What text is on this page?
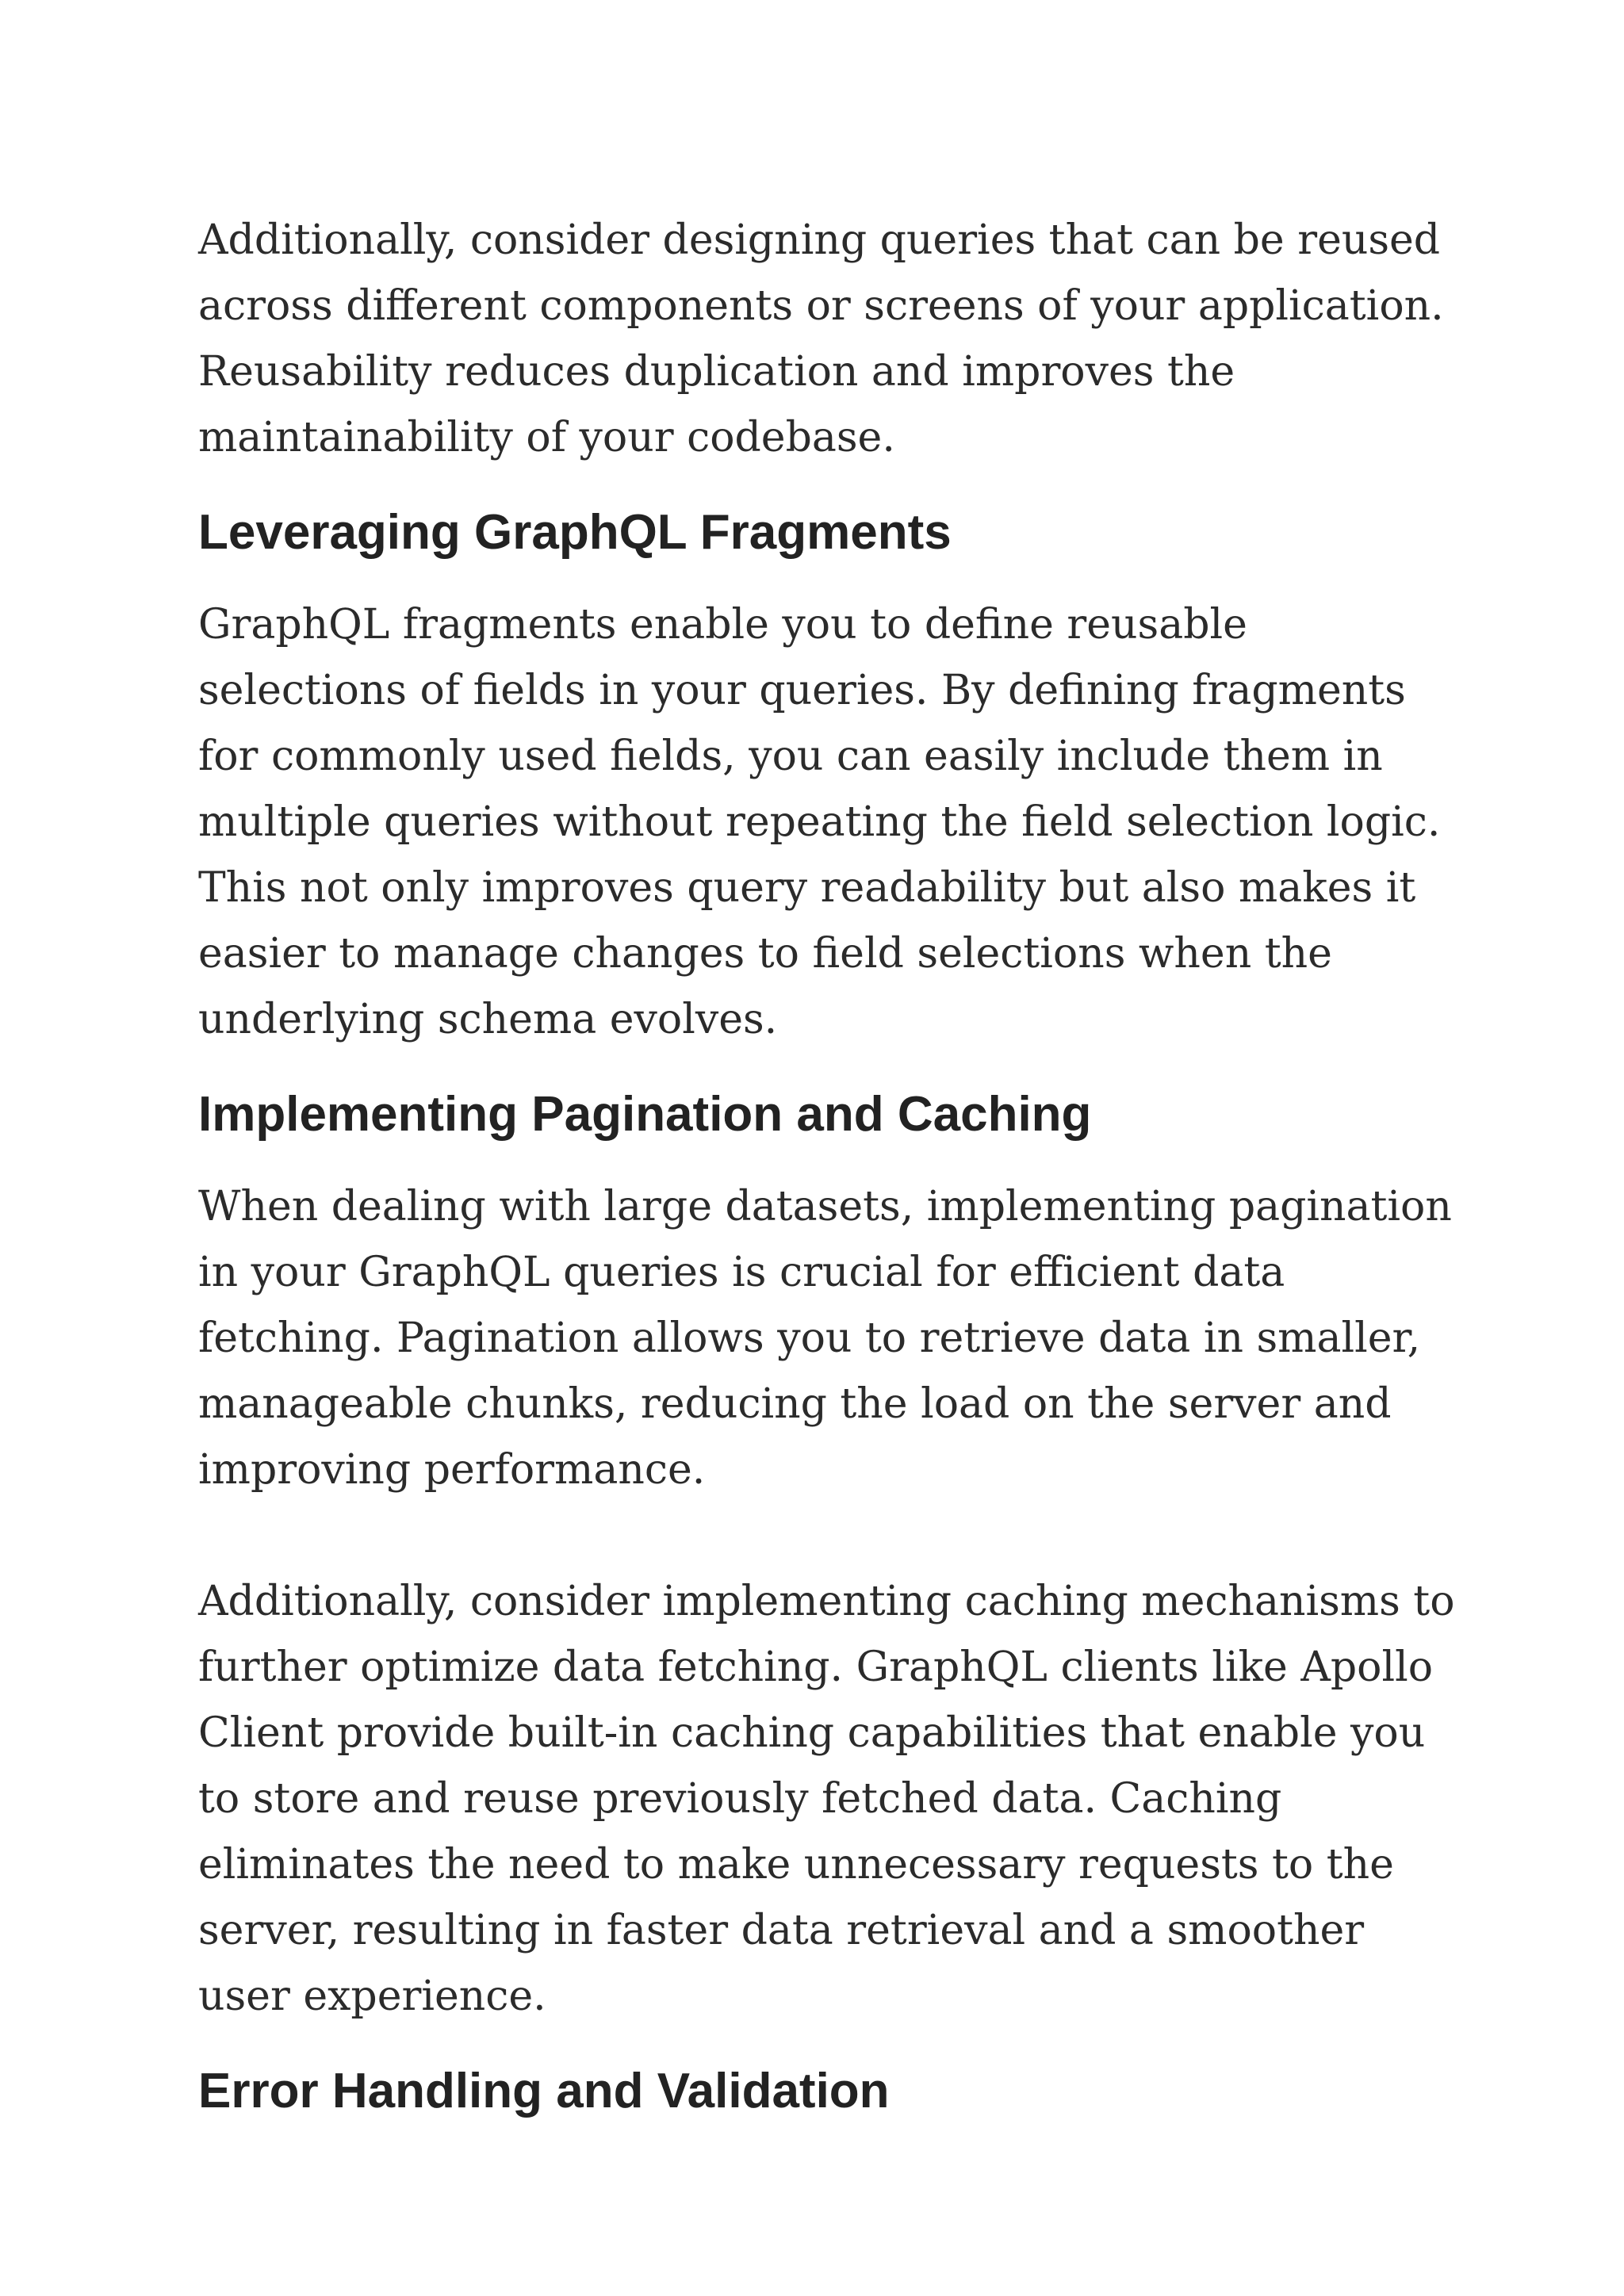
Additionally, consider designing queries that can be reused across different components or screens of your application. Reusability reduces duplication and improves the maintainability of your codebase.

Leveraging GraphQL Fragments

GraphQL fragments enable you to define reusable selections of fields in your queries. By defining fragments for commonly used fields, you can easily include them in multiple queries without repeating the field selection logic. This not only improves query readability but also makes it easier to manage changes to field selections when the underlying schema evolves.

Implementing Pagination and Caching

When dealing with large datasets, implementing pagination in your GraphQL queries is crucial for efficient data fetching. Pagination allows you to retrieve data in smaller, manageable chunks, reducing the load on the server and improving performance.

Additionally, consider implementing caching mechanisms to further optimize data fetching. GraphQL clients like Apollo Client provide built-in caching capabilities that enable you to store and reuse previously fetched data. Caching eliminates the need to make unnecessary requests to the server, resulting in faster data retrieval and a smoother user experience.

Error Handling and Validation
